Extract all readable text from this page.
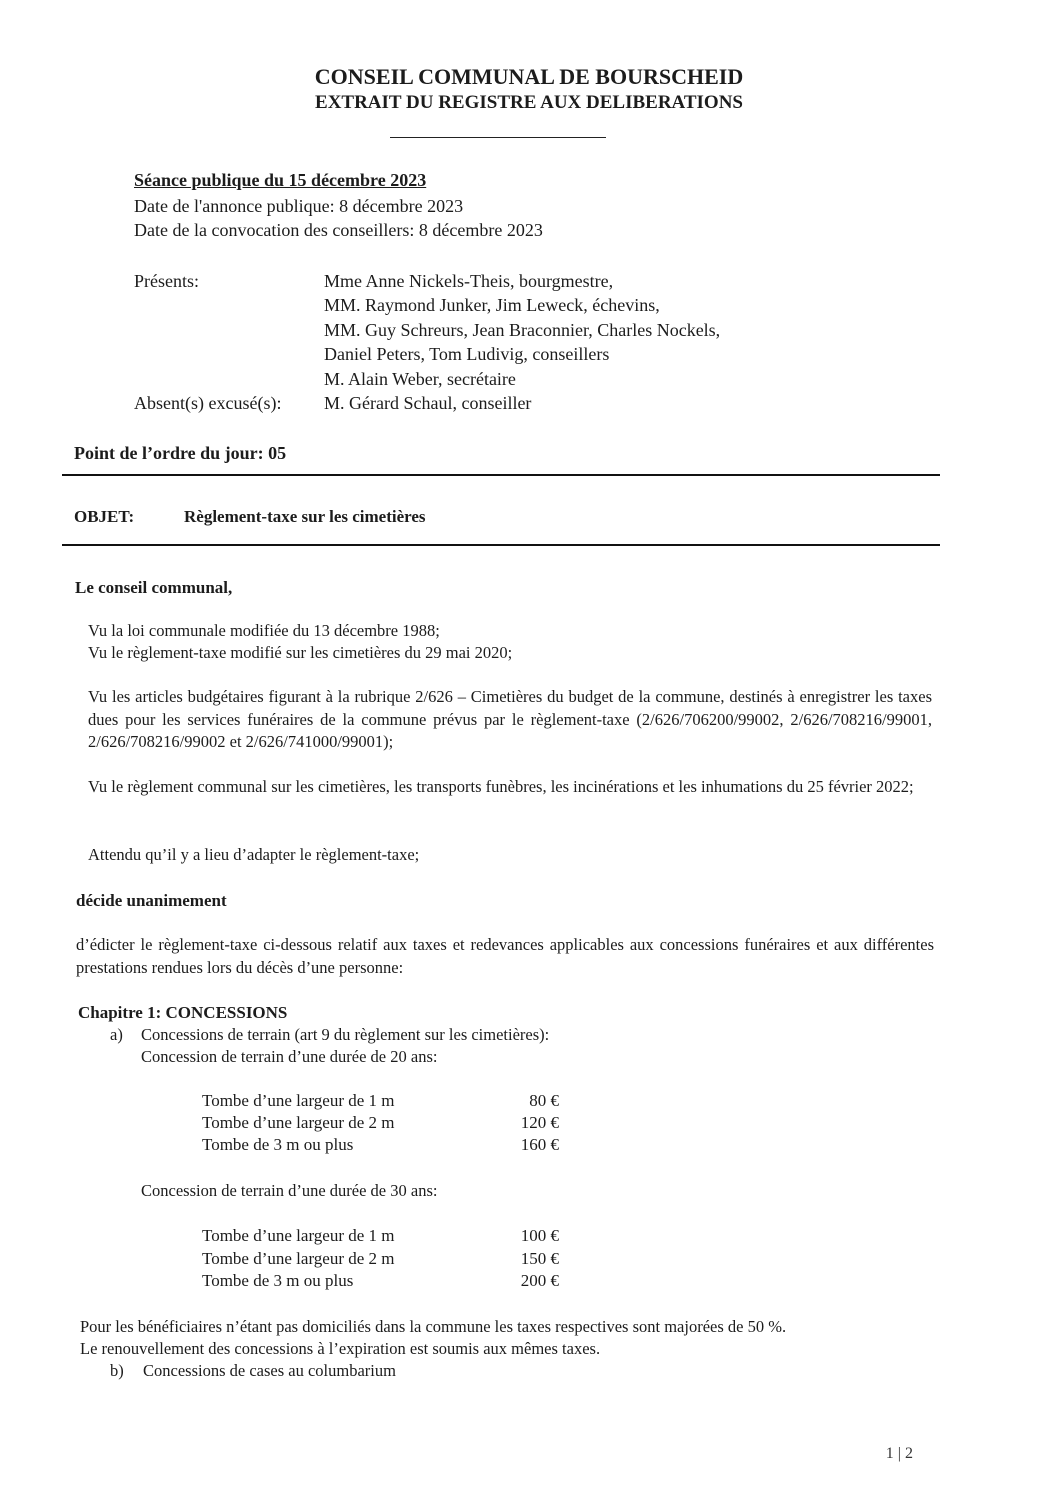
CONSEIL COMMUNAL DE BOURSCHEID
EXTRAIT DU REGISTRE AUX DELIBERATIONS
Séance publique du 15 décembre 2023
Date de l'annonce publique: 8 décembre 2023
Date de la convocation des conseillers: 8 décembre 2023
Présents:	Mme Anne Nickels-Theis, bourgmestre,
MM. Raymond Junker, Jim Leweck, échevins,
MM. Guy Schreurs, Jean Braconnier, Charles Nockels,
Daniel Peters, Tom Ludivig, conseillers
M. Alain Weber, secrétaire
Absent(s) excusé(s): M. Gérard Schaul, conseiller
Point de l’ordre du jour: 05
OBJET:	Règlement-taxe sur les cimetières
Le conseil communal,
Vu la loi communale modifiée du 13 décembre 1988;
Vu le règlement-taxe modifié sur les cimetières du 29 mai 2020;
Vu les articles budgétaires figurant à la rubrique 2/626 – Cimetières du budget de la commune, destinés à enregistrer les taxes dues pour les services funéraires de la commune prévus par le règlement-taxe (2/626/706200/99002, 2/626/708216/99001, 2/626/708216/99002 et 2/626/741000/99001);
Vu le règlement communal sur les cimetières, les transports funèbres, les incinérations et les inhumations du 25 février 2022;
Attendu qu’il y a lieu d’adapter le règlement-taxe;
décide unanimement
d’édicter le règlement-taxe ci-dessous relatif aux taxes et redevances applicables aux concessions funéraires et aux différentes prestations rendues lors du décès d’une personne:
Chapitre 1: CONCESSIONS
a) Concessions de terrain (art 9 du règlement sur les cimetières):
Concession de terrain d’une durée de 20 ans:
Tombe d’une largeur de 1 m	80 €
Tombe d’une largeur de 2 m	120 €
Tombe de 3 m ou plus	160 €
Concession de terrain d’une durée de 30 ans:
Tombe d’une largeur de 1 m	100 €
Tombe d’une largeur de 2 m	150 €
Tombe de 3 m ou plus	200 €
Pour les bénéficiaires n’étant pas domiciliés dans la commune les taxes respectives sont majorées de 50 %.
Le renouvellement des concessions à l’expiration est soumis aux mêmes taxes.
b) Concessions de cases au columbarium
1 | 2
